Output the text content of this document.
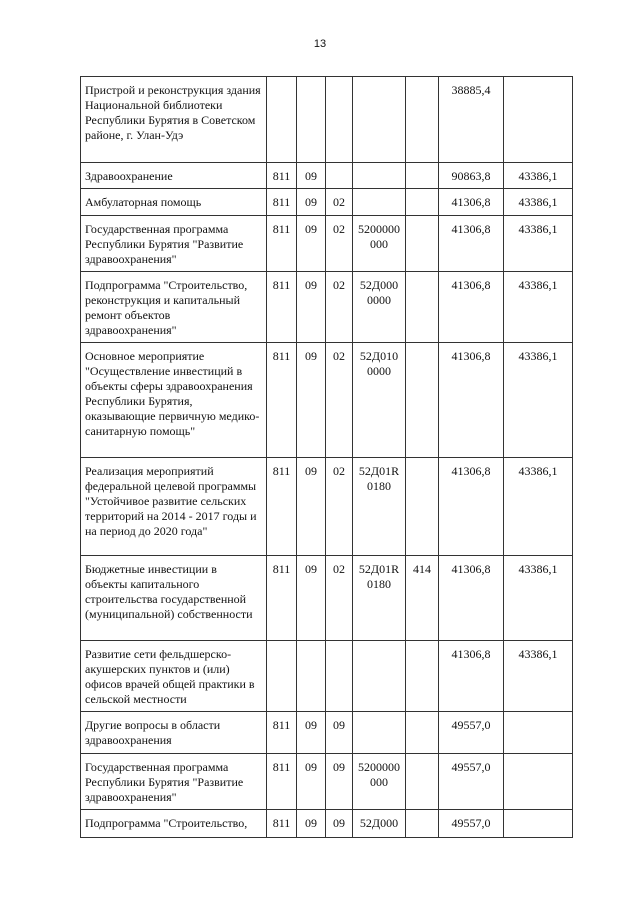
13
Пристрой и реконструкция здания Национальной библиотеки Республики Бурятия в Советском районе, г. Улан-Удэ						38885,4	
Здравоохранение	811	09				90863,8	43386,1
Амбулаторная помощь	811	09	02			41306,8	43386,1
Государственная программа Республики Бурятия "Развитие здравоохранения"	811	09	02	5200000 000		41306,8	43386,1
Подпрограмма "Строительство, реконструкция и капитальный ремонт объектов здравоохранения"	811	09	02	52Д000 0000		41306,8	43386,1
Основное мероприятие "Осуществление инвестиций в объекты сферы здравоохранения Республики Бурятия, оказывающие первичную медико-санитарную помощь"	811	09	02	52Д010 0000		41306,8	43386,1
Реализация мероприятий федеральной целевой программы "Устойчивое развитие сельских территорий на 2014 - 2017 годы и на период до 2020 года"	811	09	02	52Д01R 0180		41306,8	43386,1
Бюджетные инвестиции в объекты капитального строительства государственной (муниципальной) собственности	811	09	02	52Д01R 0180	414	41306,8	43386,1
Развитие сети фельдшерско-акушерских пунктов и (или) офисов врачей общей практики в сельской местности						41306,8	43386,1
Другие вопросы в области здравоохранения	811	09	09			49557,0	
Государственная программа Республики Бурятия "Развитие здравоохранения"	811	09	09	5200000 000		49557,0	
Подпрограмма "Строительство,	811	09	09	52Д000		49557,0	
